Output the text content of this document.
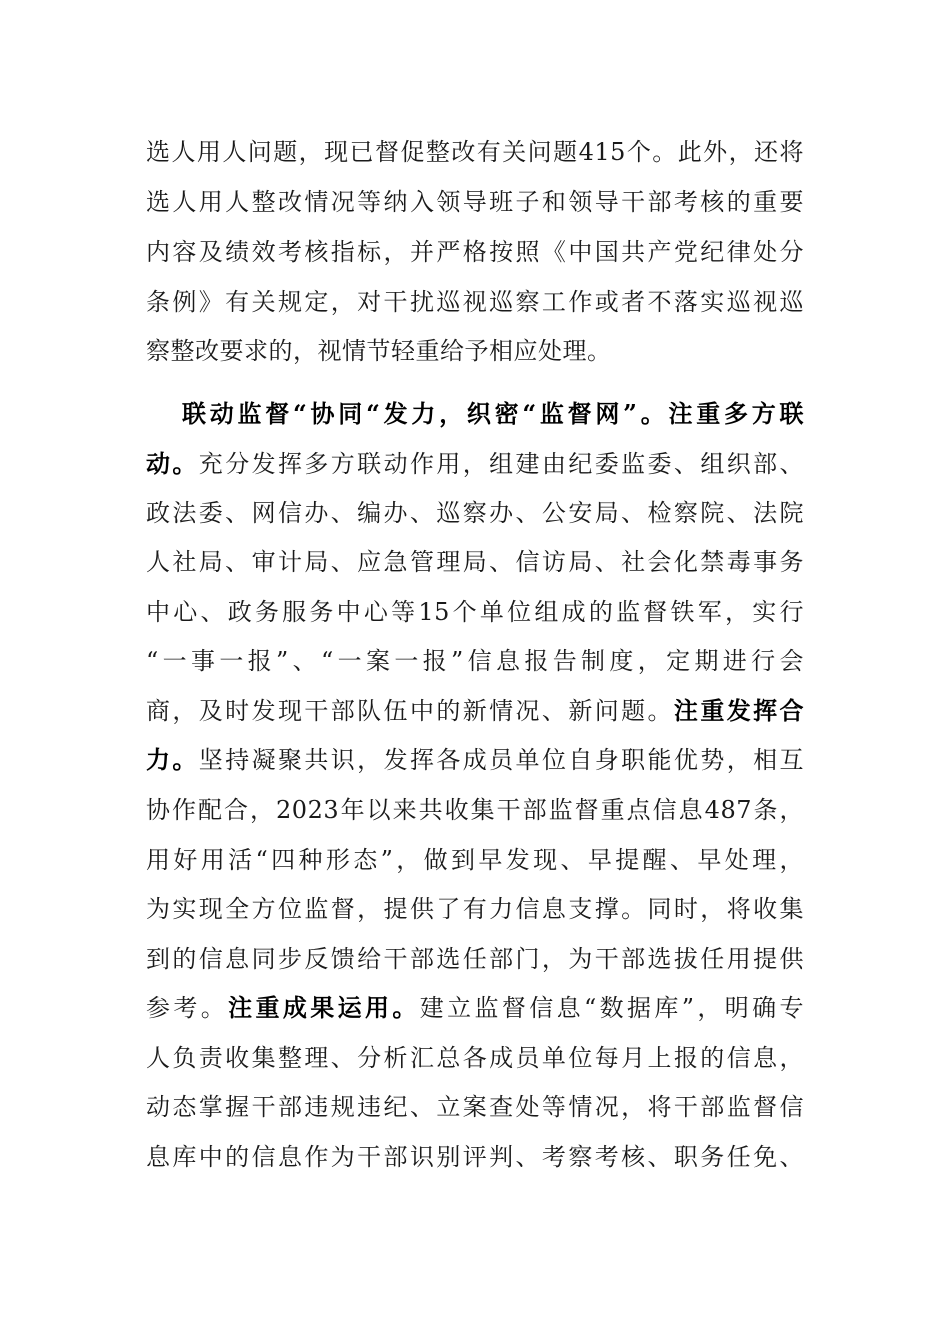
选人用人问题，现已督促整改有关问题415个。此外，还将
选人用人整改情况等纳入领导班子和领导干部考核的重要
内容及绩效考核指标，并严格按照《中国共产党纪律处分
条例》有关规定，对干扰巡视巡察工作或者不落实巡视巡
察整改要求的，视情节轻重给予相应处理。
联动监督“协同“发力，织密“监督网”。注重多方联
动。充分发挥多方联动作用，组建由纪委监委、组织部、
政法委、网信办、编办、巡察办、公安局、检察院、法院
人社局、审计局、应急管理局、信访局、社会化禁毒事务
中心、政务服务中心等15个单位组成的监督铁军，实行
“一事一报”、“一案一报”信息报告制度，定期进行会
商，及时发现干部队伍中的新情况、新问题。注重发挥合
力。坚持凝聚共识，发挥各成员单位自身职能优势，相互
协作配合，2023年以来共收集干部监督重点信息487条，
用好用活“四种形态”，做到早发现、早提醒、早处理，
为实现全方位监督，提供了有力信息支撑。同时，将收集
到的信息同步反馈给干部选任部门，为干部选拔任用提供
参考。注重成果运用。建立监督信息“数据库”，明确专
人负责收集整理、分析汇总各成员单位每月上报的信息，
动态掌握干部违规违纪、立案查处等情况，将干部监督信
息库中的信息作为干部识别评判、考察考核、职务任免、
